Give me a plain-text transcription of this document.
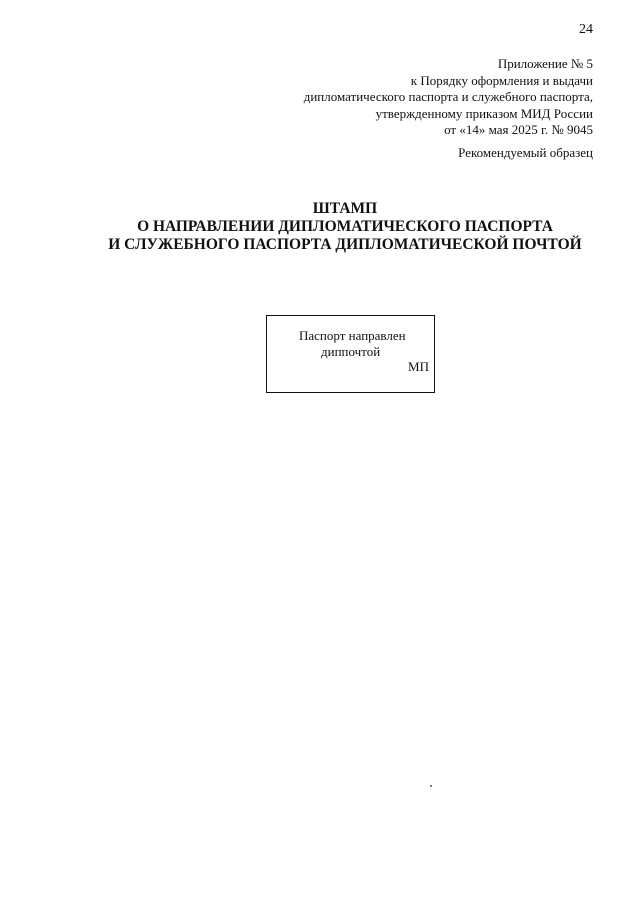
24
Приложение № 5
к Порядку оформления и выдачи
дипломатического паспорта и служебного паспорта,
утвержденному приказом МИД России
от «14» мая 2025 г. № 9045
Рекомендуемый образец
ШТАМП
О НАПРАВЛЕНИИ ДИПЛОМАТИЧЕСКОГО ПАСПОРТА
И СЛУЖЕБНОГО ПАСПОРТА ДИПЛОМАТИЧЕСКОЙ ПОЧТОЙ
Паспорт направлен
диппочтой
МП
